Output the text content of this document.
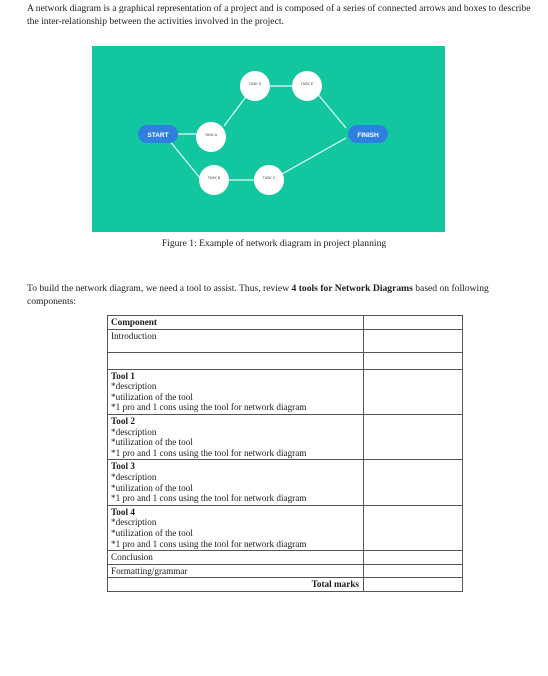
A network diagram is a graphical representation of a project and is composed of a series of connected arrows and boxes to describe the inter-relationship between the activities involved in the project.
START	TASK A
TASK B	TASK C
TASK D	TASK E
FINISH
Figure 1: Example of network diagram in project planning
To build the network diagram, we need a tool to assist. Thus, review 4 tools for Network Diagrams based on following components:
Component	
Introduction	

Tool 1
*description
*utilization of the tool
*1 pro and 1 cons using the tool for network diagram	

Tool 2
*description
*utilization of the tool
*1 pro and 1 cons using the tool for network diagram	

Tool 3
*description
*utilization of the tool
*1 pro and 1 cons using the tool for network diagram	

Tool 4
*description
*utilization of the tool
*1 pro and 1 cons using the tool for network diagram	

Conclusion	
Formatting/grammar	
Total marks	
